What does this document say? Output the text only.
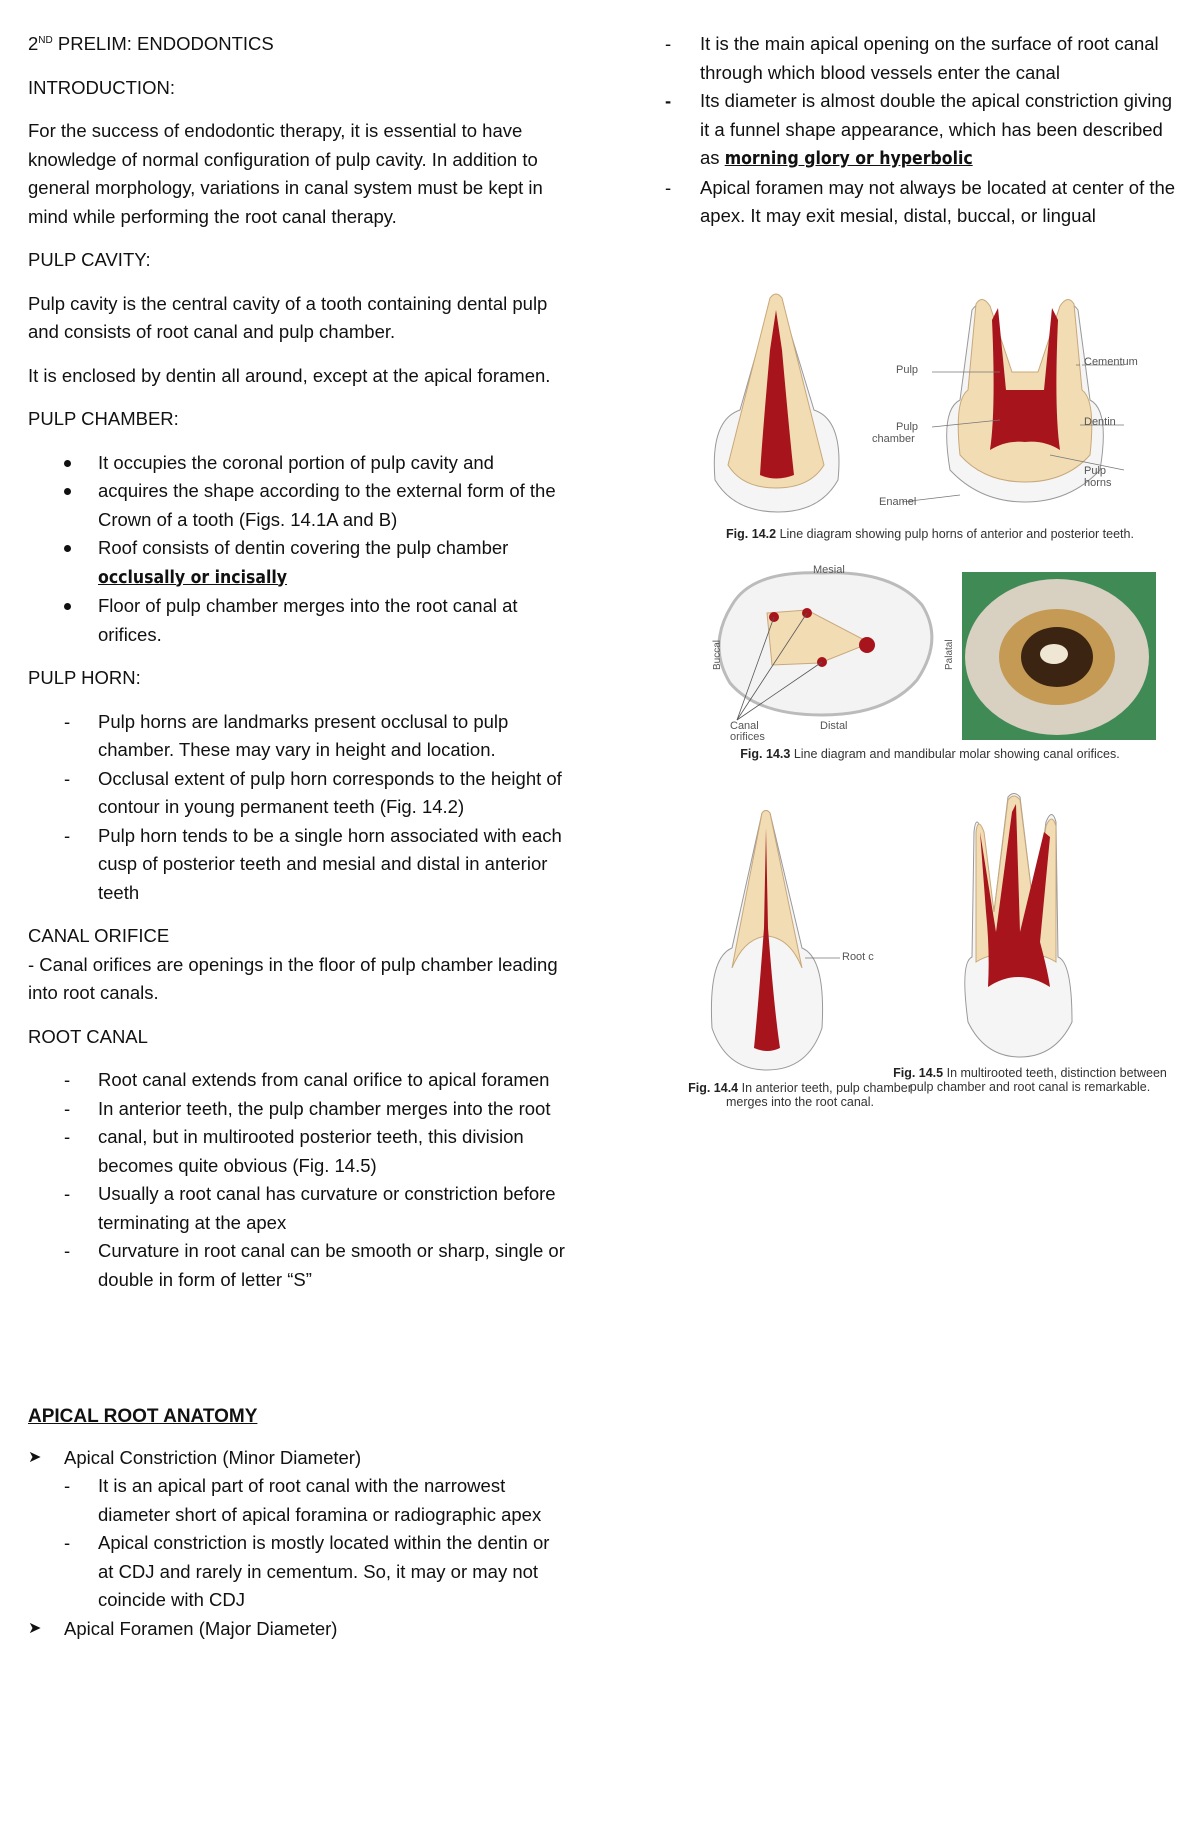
2ND PRELIM: ENDODONTICS

INTRODUCTION:

For the success of endodontic therapy, it is essential to have knowledge of normal configuration of pulp cavity. In addition to general morphology, variations in canal system must be kept in mind while performing the root canal therapy.

PULP CAVITY:

Pulp cavity is the central cavity of a tooth containing dental pulp and consists of root canal and pulp chamber.

It is enclosed by dentin all around, except at the apical foramen.

PULP CHAMBER:

It occupies the coronal portion of pulp cavity and
acquires the shape according to the external form of the Crown of a tooth (Figs. 14.1A and B)
Roof consists of dentin covering the pulp chamber
occlusally or incisally
Floor of pulp chamber merges into the root canal at orifices.

PULP HORN:

- Pulp horns are landmarks present occlusal to pulp chamber. These may vary in height and location.
- Occlusal extent of pulp horn corresponds to the height of contour in young permanent teeth (Fig. 14.2)
- Pulp horn tends to be a single horn associated with each cusp of posterior teeth and mesial and distal in anterior teeth

CANAL ORIFICE

- Canal orifices are openings in the floor of pulp chamber leading into root canals.

ROOT CANAL

- Root canal extends from canal orifice to apical foramen
- In anterior teeth, the pulp chamber merges into the root
- canal, but in multirooted posterior teeth, this division becomes quite obvious (Fig. 14.5)
- Usually a root canal has curvature or constriction before terminating at the apex
- Curvature in root canal can be smooth or sharp, single or double in form of letter “S”

APICAL ROOT ANATOMY

➤ Apical Constriction (Minor Diameter)
- It is an apical part of root canal with the narrowest diameter short of apical foramina or radiographic apex
- Apical constriction is mostly located within the dentin or at CDJ and rarely in cementum. So, it may or may not coincide with CDJ
➤ Apical Foramen (Major Diameter)
- It is the main apical opening on the surface of root canal through which blood vessels enter the canal
- Its diameter is almost double the apical constriction giving it a funnel shape appearance, which has been described as morning glory or hyperbolic
- Apical foramen may not always be located at center of the apex. It may exit mesial, distal, buccal, or lingual
Pulp
Pulp
chamber
Enamel
Cementum
Dentin
Pulp
horns
Fig. 14.2 Line diagram showing pulp horns of anterior and posterior teeth.
Mesial
Distal
Buccal	Palatal
Canal
orifices
Fig. 14.3 Line diagram and mandibular molar showing canal orifices.
Root c
Fig. 14.4 In anterior teeth, pulp chamber merges into the root canal.
Fig. 14.5 In multirooted teeth, distinction between pulp chamber and root canal is remarkable.
